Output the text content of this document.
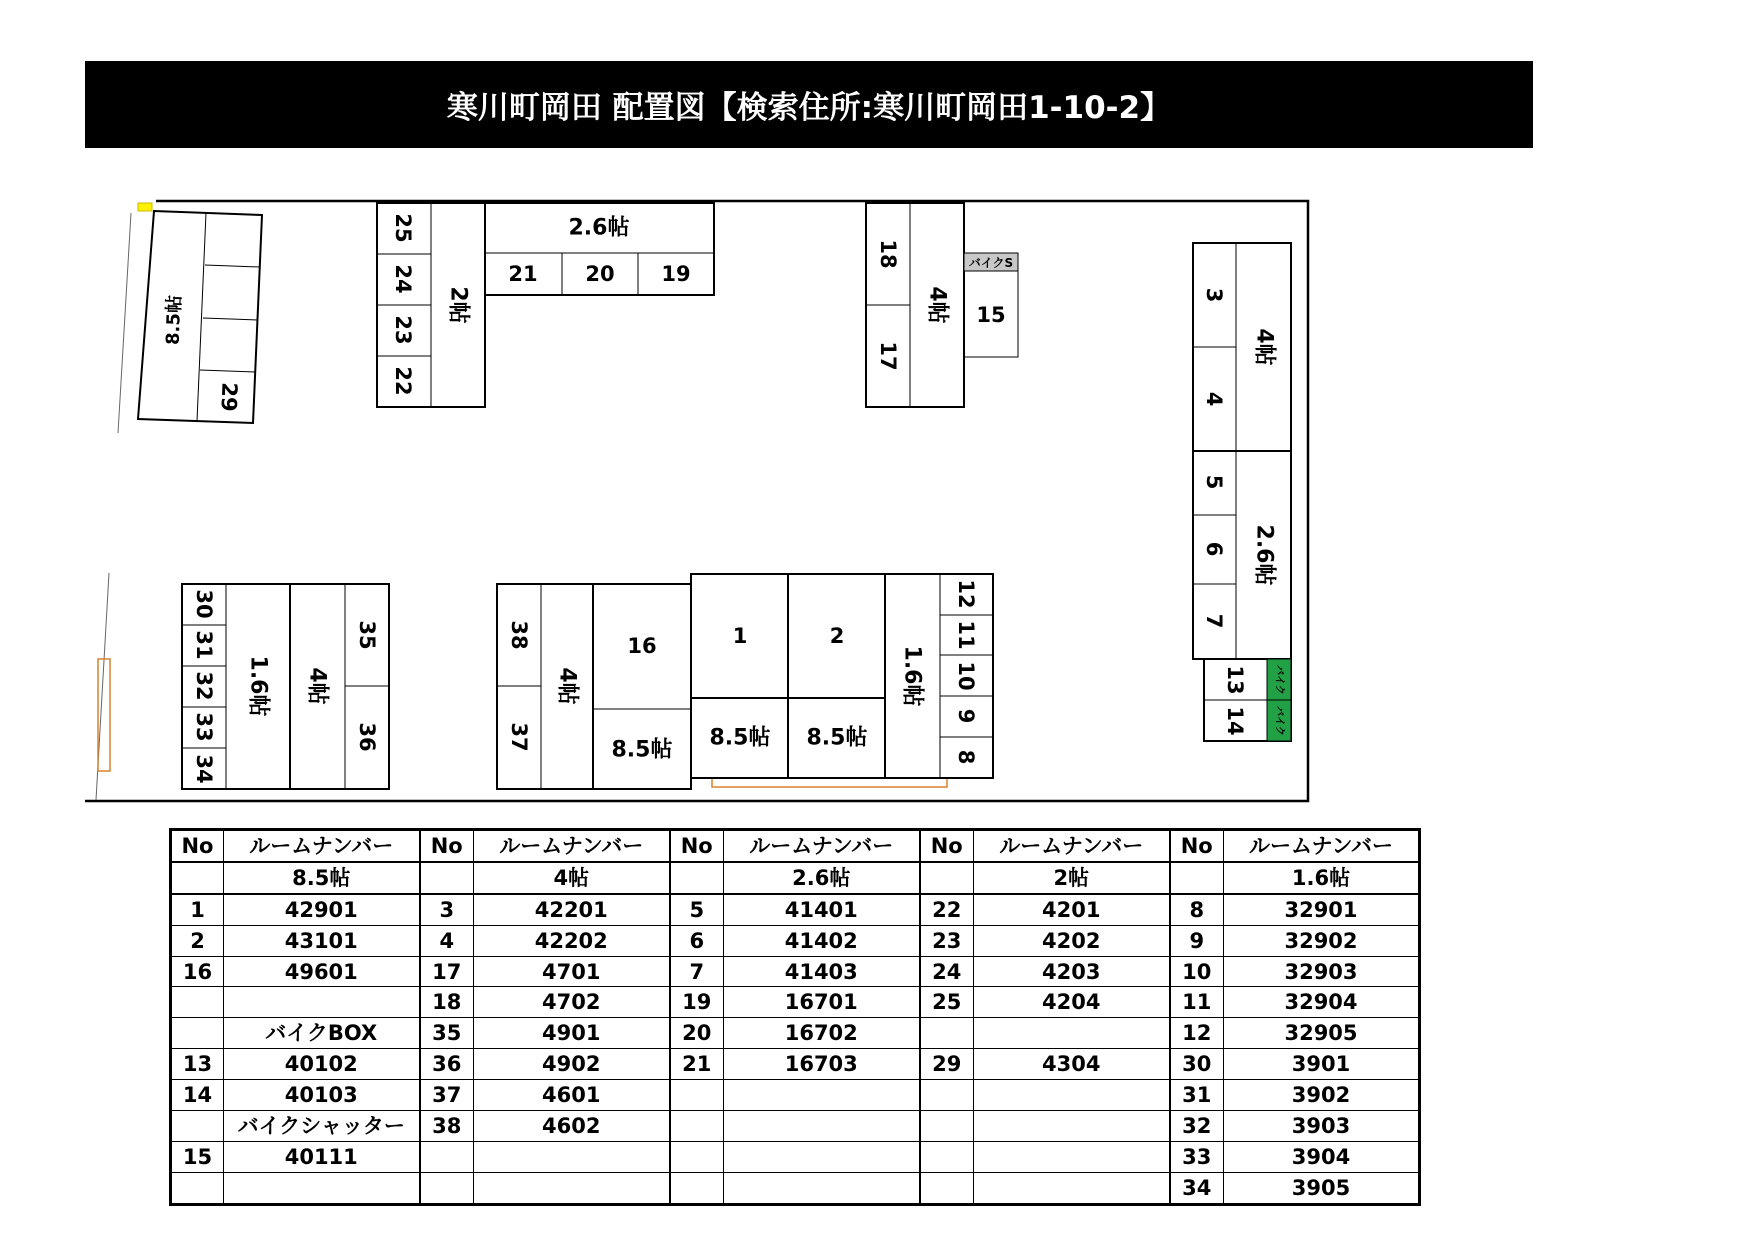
寒川町岡田 配置図【検索住所:寒川町岡田1-10-2】
8.5帖
29
25
24
23
22
2帖
2.6帖
21 20 19
18
17
4帖
バイクS
15
3
4
4帖
5
6
7
2.6帖
バイク
バイク
13
14
30
31
32
33
34
1.6帖 4帖
35
36
38
37
4帖
16
8.5帖
1	2
8.5帖 8.5帖
1.6帖
12
11
10
9
8
No	ルームナンバー	No	ルームナンバー	No	ルームナンバー	No	ルームナンバー	No	ルームナンバー
	8.5帖		4帖		2.6帖		2帖		1.6帖
1	42901	3	42201	5	41401	22	4201	8	32901
2	43101	4	42202	6	41402	23	4202	9	32902
16	49601	17	4701	7	41403	24	4203	10	32903
		18	4702	19	16701	25	4204	11	32904
	バイクBOX	35	4901	20	16702			12	32905
13	40102	36	4902	21	16703	29	4304	30	3901
14	40103	37	4601					31	3902
	バイクシャッター	38	4602					32	3903
15	40111							33	3904
								34	3905
